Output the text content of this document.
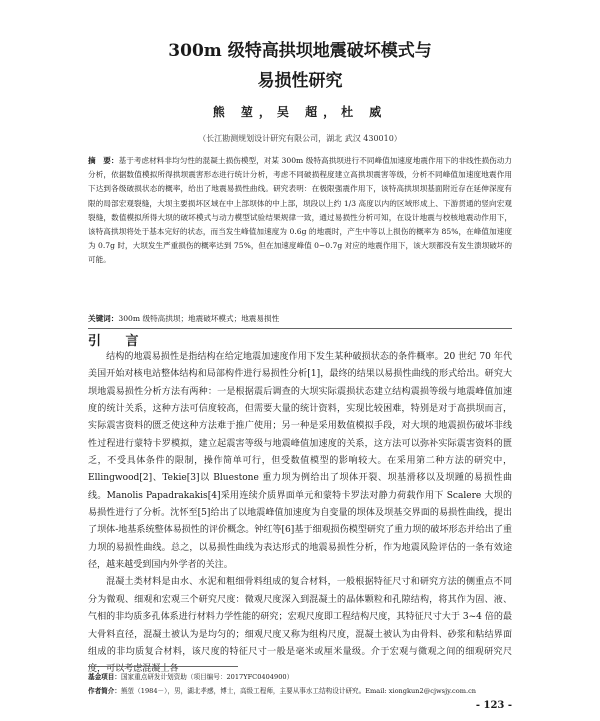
300m 级特高拱坝地震破坏模式与
易损性研究
熊 堃，吴 超，杜 威
（长江勘测规划设计研究有限公司，湖北 武汉 430010）
摘　要：基于考虑材料非均匀性的混凝土损伤模型，对某 300m 级特高拱坝进行不同峰值加速度地震作用下的非线性损伤动力分析，依据数值模拟所得拱坝震害形态进行统计分析，考虑不同破损程度建立高拱坝震害等级，分析不同峰值加速度地震作用下达到各级破损状态的概率，给出了地震易损性曲线。研究表明：在极限强震作用下，该特高拱坝坝基面附近存在延伸深度有限的局部宏观裂缝，大坝主要损坏区域在中上部坝体的中上部，坝段以上约 1/3 高度以内的区域形成上、下游贯通的竖向宏观裂缝，数值模拟所得大坝的破坏模式与动力模型试验结果规律一致，通过易损性分析可知，在设计地震与校核地震动作用下，该特高拱坝将处于基本完好的状态，而当发生峰值加速度为 0.6g 的地震时，产生中等以上损伤的概率为 85%，在峰值加速度为 0.7g 时，大坝发生严重损伤的概率达到 75%，但在加速度峰值 0~0.7g 对应的地震作用下，该大坝都没有发生溃坝破坏的可能。
关键词：300m 级特高拱坝；地震破坏模式；地震易损性
引 言

结构的地震易损性是指结构在给定地震加速度作用下发生某种破损状态的条件概率。20 世纪 70 年代美国开始对核电站整体结构和局部构件进行易损性分析[1]，最终的结果以易损性曲线的形式给出。研究大坝地震易损性分析方法有两种：一是根据震后调查的大坝实际震损状态建立结构震损等级与地震峰值加速度的统计关系，这种方法可信度较高，但需要大量的统计资料，实现比较困难，特别是对于高拱坝而言，实际震害资料的匮乏使这种方法难于推广使用；另一种是采用数值模拟手段，对大坝的地震损伤破坏非线性过程进行蒙特卡罗模拟，建立起震害等级与地震峰值加速度的关系，这方法可以弥补实际震害资料的匮乏，不受具体条件的限制，操作简单可行，但受数值模型的影响较大。在采用第二种方法的研究中，Ellingwood[2]、Tekie[3]以 Bluestone 重力坝为例给出了坝体开裂、坝基滑移以及坝踵的易损性曲线。Manolis Papadrakakis[4]采用连续介质界面单元和蒙特卡罗法对静力荷载作用下 Scalere 大坝的易损性进行了分析。沈怀至[5]给出了以地震峰值加速度为自变量的坝体及坝基交界面的易损性曲线，提出了坝体-地基系统整体易损性的评价概念。钟红等[6]基于细观损伤模型研究了重力坝的破坏形态并给出了重力坝的易损性曲线。总之，以易损性曲线为表达形式的地震易损性分析，作为地震风险评估的一条有效途径，越来越受到国内外学者的关注。

混凝土类材料是由水、水泥和粗细骨料组成的复合材料，一般根据特征尺寸和研究方法的侧重点不同分为微观、细观和宏观三个研究尺度：微观尺度深入到混凝土的晶体颗粒和孔隙结构，将其作为固、液、气相的非均质多孔体系进行材料力学性能的研究；宏观尺度即工程结构尺度，其特征尺寸大于 3~4 倍的最大骨料直径，混凝土被认为是均匀的；细观尺度又称为组构尺度，混凝土被认为由骨料、砂浆和粘结界面组成的非均质复合材料，该尺度的特征尺寸一般是毫米或厘米量级。介于宏观与微观之间的细观研究尺度，可以考虑混凝土各

基金项目：国家重点研发计划资助（项目编号：2017YFC0404900）
作者简介：熊堃（1984－），男，湖北孝感，博士，高级工程师，主要从事水工结构设计研究。Email: xiongkun2@cjwsjy.com.cn
- 123 -
